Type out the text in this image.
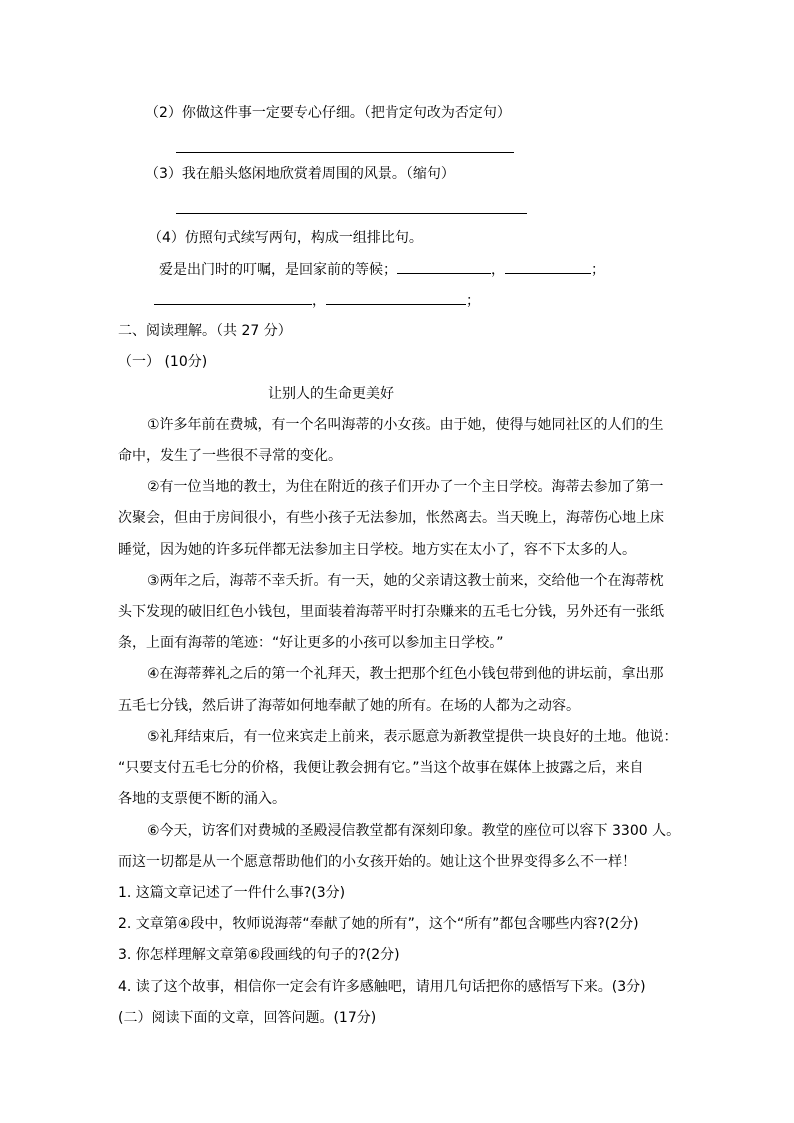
（2）你做这件事一定要专心仔细。（把肯定句改为否定句）
（3）我在船头悠闲地欣赏着周围的风景。（缩句）
（4）仿照句式续写两句，构成一组排比句。
爱是出门时的叮嘱，是回家前的等候；	，	；
，	；
二、阅读理解。（共 27 分）
（一） (10分)
让别人的生命更美好
①许多年前在费城，有一个名叫海蒂的小女孩。由于她，使得与她同社区的人们的生
命中，发生了一些很不寻常的变化。
②有一位当地的教士，为住在附近的孩子们开办了一个主日学校。海蒂去参加了第一
次聚会，但由于房间很小，有些小孩子无法参加，怅然离去。当天晚上，海蒂伤心地上床
睡觉，因为她的许多玩伴都无法参加主日学校。地方实在太小了，容不下太多的人。
③两年之后，海蒂不幸夭折。有一天，她的父亲请这教士前来，交给他一个在海蒂枕
头下发现的破旧红色小钱包，里面装着海蒂平时打杂赚来的五毛七分钱，另外还有一张纸
条，上面有海蒂的笔迹：“好让更多的小孩可以参加主日学校。”
④在海蒂葬礼之后的第一个礼拜天，教士把那个红色小钱包带到他的讲坛前，拿出那
五毛七分钱，然后讲了海蒂如何地奉献了她的所有。在场的人都为之动容。
⑤礼拜结束后，有一位来宾走上前来，表示愿意为新教堂提供一块良好的土地。他说：
“只要支付五毛七分的价格，我便让教会拥有它。”当这个故事在媒体上披露之后，来自
各地的支票便不断的涌入。
⑥今天，访客们对费城的圣殿浸信教堂都有深刻印象。教堂的座位可以容下 3300 人。
而这一切都是从一个愿意帮助他们的小女孩开始的。她让这个世界变得多么不一样！
1. 这篇文章记述了一件什么事?(3分)
2. 文章第④段中，牧师说海蒂“奉献了她的所有”，这个“所有”都包含哪些内容?(2分)
3. 你怎样理解文章第⑥段画线的句子的?(2分)
4. 读了这个故事，相信你一定会有许多感触吧，请用几句话把你的感悟写下来。(3分)
(二）阅读下面的文章，回答问题。(17分)
